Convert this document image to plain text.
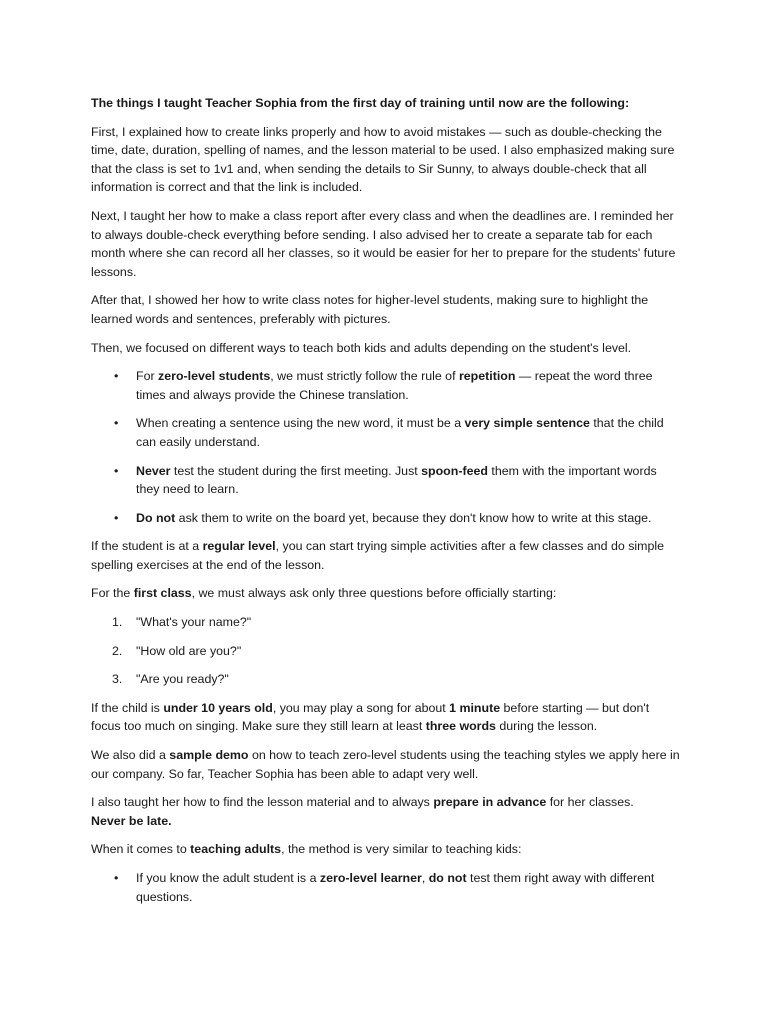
The things I taught Teacher Sophia from the first day of training until now are the following:

First, I explained how to create links properly and how to avoid mistakes — such as double-checking the time, date, duration, spelling of names, and the lesson material to be used. I also emphasized making sure that the class is set to 1v1 and, when sending the details to Sir Sunny, to always double-check that all information is correct and that the link is included.

Next, I taught her how to make a class report after every class and when the deadlines are. I reminded her to always double-check everything before sending. I also advised her to create a separate tab for each month where she can record all her classes, so it would be easier for her to prepare for the students' future lessons.

After that, I showed her how to write class notes for higher-level students, making sure to highlight the learned words and sentences, preferably with pictures.

Then, we focused on different ways to teach both kids and adults depending on the student's level.

• For zero-level students, we must strictly follow the rule of repetition — repeat the word three times and always provide the Chinese translation.
• When creating a sentence using the new word, it must be a very simple sentence that the child can easily understand.
• Never test the student during the first meeting. Just spoon-feed them with the important words they need to learn.
• Do not ask them to write on the board yet, because they don't know how to write at this stage.

If the student is at a regular level, you can start trying simple activities after a few classes and do simple spelling exercises at the end of the lesson.

For the first class, we must always ask only three questions before officially starting:

1. "What's your name?"
2. "How old are you?"
3. "Are you ready?"

If the child is under 10 years old, you may play a song for about 1 minute before starting — but don't focus too much on singing. Make sure they still learn at least three words during the lesson.

We also did a sample demo on how to teach zero-level students using the teaching styles we apply here in our company. So far, Teacher Sophia has been able to adapt very well.

I also taught her how to find the lesson material and to always prepare in advance for her classes.
Never be late.

When it comes to teaching adults, the method is very similar to teaching kids:

• If you know the adult student is a zero-level learner, do not test them right away with different questions.
